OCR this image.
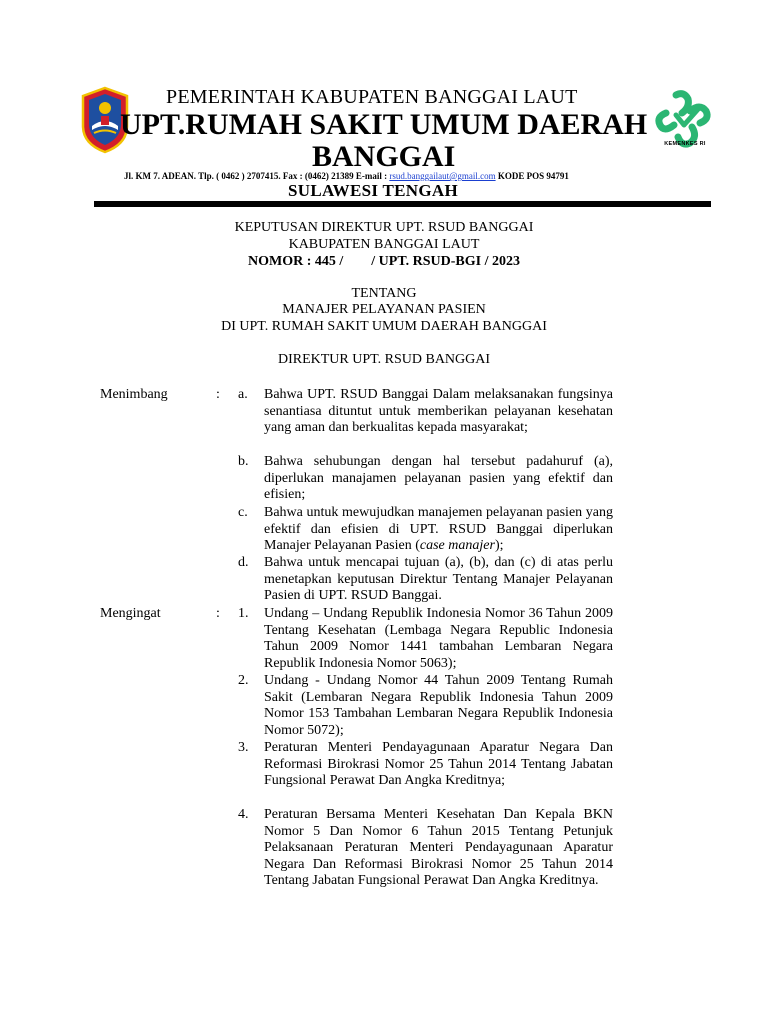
PEMERINTAH KABUPATEN BANGGAI LAUT
UPT.RUMAH SAKIT UMUM DAERAH
BANGGAI
Jl. KM 7. ADEAN. Tlp. ( 0462 ) 2707415. Fax : (0462) 21389 E-mail : rsud.banggailaut@gmail.com KODE POS 94791
SULAWESI TENGAH
KEMENKES RI
KEPUTUSAN DIREKTUR UPT. RSUD BANGGAI
KABUPATEN BANGGAI LAUT
NOMOR : 445 /        / UPT. RSUD-BGI / 2023
TENTANG
MANAJER PELAYANAN PASIEN
DI UPT. RUMAH SAKIT UMUM DAERAH BANGGAI
DIREKTUR UPT. RSUD BANGGAI
Menimbang	: a. Bahwa UPT. RSUD Banggai Dalam melaksanakan fungsinya senantiasa dituntut untuk memberikan pelayanan kesehatan yang aman dan berkualitas kepada masyarakat;
b. Bahwa sehubungan dengan hal tersebut padahuruf (a), diperlukan manajamen pelayanan pasien yang efektif dan efisien;
c. Bahwa untuk mewujudkan manajemen pelayanan pasien yang efektif dan efisien di UPT. RSUD Banggai diperlukan Manajer Pelayanan Pasien (case manajer);
d. Bahwa untuk mencapai tujuan (a), (b), dan (c) di atas perlu menetapkan keputusan Direktur Tentang Manajer Pelayanan Pasien di UPT. RSUD Banggai.
Mengingat	: 1. Undang – Undang Republik Indonesia Nomor 36 Tahun 2009 Tentang Kesehatan (Lembaga Negara Republic Indonesia Tahun 2009 Nomor 1441 tambahan Lembaran Negara Republik Indonesia Nomor 5063);
2. Undang - Undang Nomor 44 Tahun 2009 Tentang Rumah Sakit (Lembaran Negara Republik Indonesia Tahun 2009 Nomor 153 Tambahan Lembaran Negara Republik Indonesia Nomor 5072);
3. Peraturan Menteri Pendayagunaan Aparatur Negara Dan Reformasi Birokrasi Nomor 25 Tahun 2014 Tentang Jabatan Fungsional Perawat Dan Angka Kreditnya;
4. Peraturan Bersama Menteri Kesehatan Dan Kepala BKN Nomor 5 Dan Nomor 6 Tahun 2015 Tentang Petunjuk Pelaksanaan Peraturan Menteri Pendayagunaan Aparatur Negara Dan Reformasi Birokrasi Nomor 25 Tahun 2014 Tentang Jabatan Fungsional Perawat Dan Angka Kreditnya.
